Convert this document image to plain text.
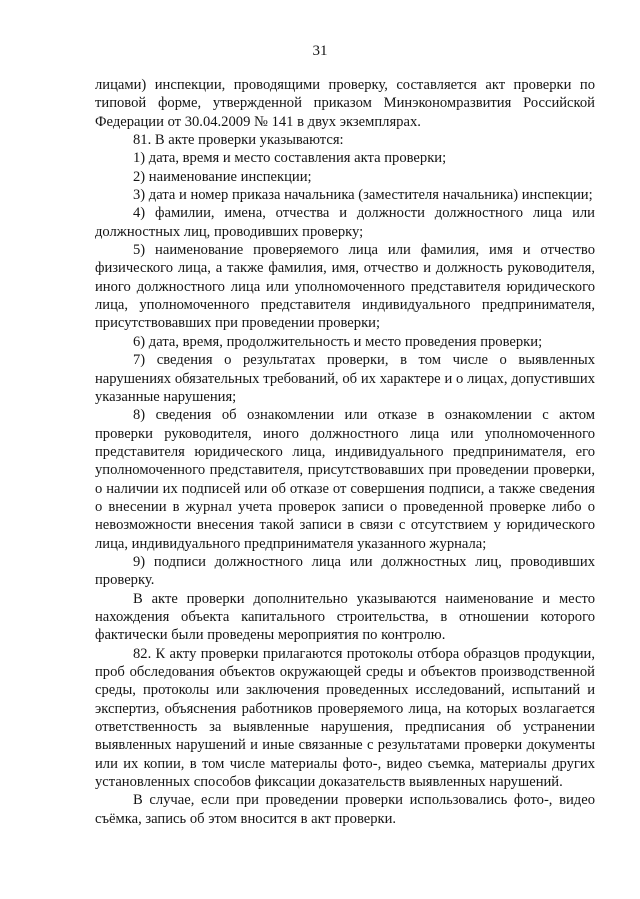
31

лицами) инспекции, проводящими проверку, составляется акт проверки по типовой форме, утвержденной приказом Минэкономразвития Российской Федерации от 30.04.2009 № 141 в двух экземплярах.

81. В акте проверки указываются:

1) дата, время и место составления акта проверки;

2) наименование инспекции;

3) дата и номер приказа начальника (заместителя начальника) инспекции;

4) фамилии, имена, отчества и должности должностного лица или должностных лиц, проводивших проверку;

5) наименование проверяемого лица или фамилия, имя и отчество физического лица, а также фамилия, имя, отчество и должность руководителя, иного должностного лица или уполномоченного представителя юридического лица, уполномоченного представителя индивидуального предпринимателя, присутствовавших при проведении проверки;

6) дата, время, продолжительность и место проведения проверки;

7) сведения о результатах проверки, в том числе о выявленных нарушениях обязательных требований, об их характере и о лицах, допустивших указанные нарушения;

8) сведения об ознакомлении или отказе в ознакомлении с актом проверки руководителя, иного должностного лица или уполномоченного представителя юридического лица, индивидуального предпринимателя, его уполномоченного представителя, присутствовавших при проведении проверки, о наличии их подписей или об отказе от совершения подписи, а также сведения о внесении в журнал учета проверок записи о проведенной проверке либо о невозможности внесения такой записи в связи с отсутствием у юридического лица, индивидуального предпринимателя указанного журнала;

9) подписи должностного лица или должностных лиц, проводивших проверку.

В акте проверки дополнительно указываются наименование и место нахождения объекта капитального строительства, в отношении которого фактически были проведены мероприятия по контролю.

82. К акту проверки прилагаются протоколы отбора образцов продукции, проб обследования объектов окружающей среды и объектов производственной среды, протоколы или заключения проведенных исследований, испытаний и экспертиз, объяснения работников проверяемого лица, на которых возлагается ответственность за выявленные нарушения, предписания об устранении выявленных нарушений и иные связанные с результатами проверки документы или их копии, в том числе материалы фото-, видео съемка, материалы других установленных способов фиксации доказательств выявленных нарушений.

В случае, если при проведении проверки использовались фото-, видео съёмка, запись об этом вносится в акт проверки.
